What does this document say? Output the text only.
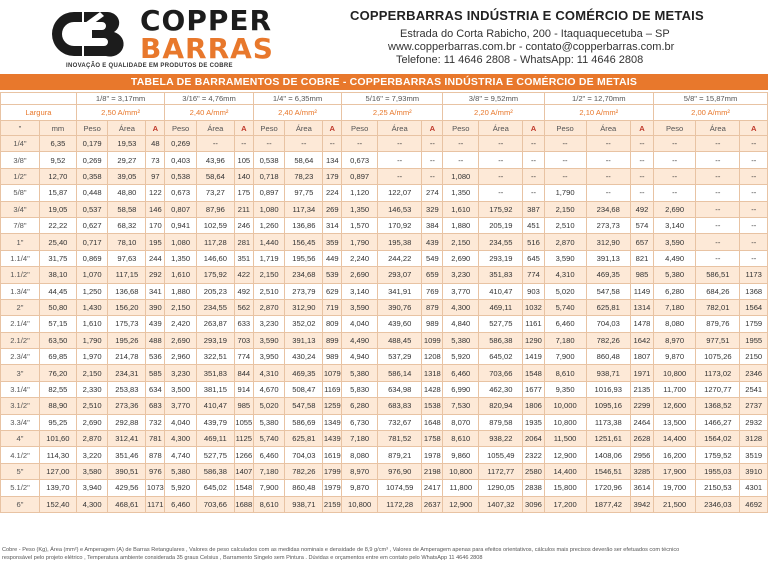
COPPER
BARRAS
INOVAÇÃO E QUALIDADE EM PRODUTOS DE COBRE
COPPERBARRAS INDÚSTRIA E COMÉRCIO DE METAIS
Estrada do Corta Rabicho, 200 - Itaquaquecetuba – SP
www.copperbarras.com.br - contato@copperbarras.com.br
Telefone: 11 4646 2808 - WhatsApp: 11 4646 2808
TABELA DE BARRAMENTOS DE COBRE - COPPERBARRAS INDÚSTRIA E COMÉRCIO DE METAIS
		1/8" = 3,17mm			3/16" = 4,76mm			1/4" = 6,35mm			5/16" = 7,93mm			3/8" = 9,52mm			1/2" = 12,70mm			5/8" = 15,87mm		
Largura		2,50 A/mm²			2,40 A/mm²			2,40 A/mm²			2,25 A/mm²			2,20 A/mm²			2,10 A/mm²			2,00 A/mm²		
"	mm	Peso	Área	A	Peso	Área	A	Peso	Área	A	Peso	Área	A	Peso	Área	A	Peso	Área	A	Peso	Área	A
1/4"	6,35	0,179	19,53	48	0,269	--	--	--	--	--	--	--	--	--	--	--	--	--	--	--	--	--
3/8"	9,52	0,269	29,27	73	0,403	43,96	105	0,538	58,64	134	0,673	--	--	--	--	--	--	--	--	--	--	--
1/2"	12,70	0,358	39,05	97	0,538	58,64	140	0,718	78,23	179	0,897	--	--	1,080	--	--	--	--	--	--	--	--
5/8"	15,87	0,448	48,80	122	0,673	73,27	175	0,897	97,75	224	1,120	122,07	274	1,350	--	--	1,790	--	--	--	--	--
3/4"	19,05	0,537	58,58	146	0,807	87,96	211	1,080	117,34	269	1,350	146,53	329	1,610	175,92	387	2,150	234,68	492	2,690	--	--
7/8"	22,22	0,627	68,32	170	0,941	102,59	246	1,260	136,86	314	1,570	170,92	384	1,880	205,19	451	2,510	273,73	574	3,140	--	--
1"	25,40	0,717	78,10	195	1,080	117,28	281	1,440	156,45	359	1,790	195,38	439	2,150	234,55	516	2,870	312,90	657	3,590	--	--
1.1/4"	31,75	0,869	97,63	244	1,350	146,60	351	1,719	195,56	449	2,240	244,22	549	2,690	293,19	645	3,590	391,13	821	4,490	--	--
1.1/2"	38,10	1,070	117,15	292	1,610	175,92	422	2,150	234,68	539	2,690	293,07	659	3,230	351,83	774	4,310	469,35	985	5,380	586,51	1173
1.3/4"	44,45	1,250	136,68	341	1,880	205,23	492	2,510	273,79	629	3,140	341,91	769	3,770	410,47	903	5,020	547,58	1149	6,280	684,26	1368
2"	50,80	1,430	156,20	390	2,150	234,55	562	2,870	312,90	719	3,590	390,76	879	4,300	469,11	1032	5,740	625,81	1314	7,180	782,01	1564
2.1/4"	57,15	1,610	175,73	439	2,420	263,87	633	3,230	352,02	809	4,040	439,60	989	4,840	527,75	1161	6,460	704,03	1478	8,080	879,76	1759
2.1/2"	63,50	1,790	195,26	488	2,690	293,19	703	3,590	391,13	899	4,490	488,45	1099	5,380	586,38	1290	7,180	782,26	1642	8,970	977,51	1955
2.3/4"	69,85	1,970	214,78	536	2,960	322,51	774	3,950	430,24	989	4,940	537,29	1208	5,920	645,02	1419	7,900	860,48	1807	9,870	1075,26	2150
3"	76,20	2,150	234,31	585	3,230	351,83	844	4,310	469,35	1079	5,380	586,14	1318	6,460	703,66	1548	8,610	938,71	1971	10,800	1173,02	2346
3.1/4"	82,55	2,330	253,83	634	3,500	381,15	914	4,670	508,47	1169	5,830	634,98	1428	6,990	462,30	1677	9,350	1016,93	2135	11,700	1270,77	2541
3.1/2"	88,90	2,510	273,36	683	3,770	410,47	985	5,020	547,58	1259	6,280	683,83	1538	7,530	820,94	1806	10,000	1095,16	2299	12,600	1368,52	2737
3.3/4"	95,25	2,690	292,88	732	4,040	439,79	1055	5,380	586,69	1349	6,730	732,67	1648	8,070	879,58	1935	10,800	1173,38	2464	13,500	1466,27	2932
4"	101,60	2,870	312,41	781	4,300	469,11	1125	5,740	625,81	1439	7,180	781,52	1758	8,610	938,22	2064	11,500	1251,61	2628	14,400	1564,02	3128
4.1/2"	114,30	3,220	351,46	878	4,740	527,75	1266	6,460	704,03	1619	8,080	879,21	1978	9,860	1055,49	2322	12,900	1408,06	2956	16,200	1759,52	3519
5"	127,00	3,580	390,51	976	5,380	586,38	1407	7,180	782,26	1799	8,970	976,90	2198	10,800	1172,77	2580	14,400	1546,51	3285	17,900	1955,03	3910
5.1/2"	139,70	3,940	429,56	1073	5,920	645,02	1548	7,900	860,48	1979	9,870	1074,59	2417	11,800	1290,05	2838	15,800	1720,96	3614	19,700	2150,53	4301
6"	152,40	4,300	468,61	1171	6,460	703,66	1688	8,610	938,71	2159	10,800	1172,28	2637	12,900	1407,32	3096	17,200	1877,42	3942	21,500	2346,03	4692
Cobre - Peso (Kg), Área (mm²) e Amperagem (A) de Barras Retangulares , Valores de peso calculados com as medidas nominais e densidade de 8,9 g/cm³ , Valores de Amperagem apenas para efeitos orientativos, cálculos mais precisos deverão ser efetuados com técnico
responsável pelo projeto elétrico , Temperatura ambiente considerada 35 graus Celsius , Barramento Singelo sem Pintura . Dúvidas e orçamentos entre em contato pelo WhatsApp 11 4646 2808
